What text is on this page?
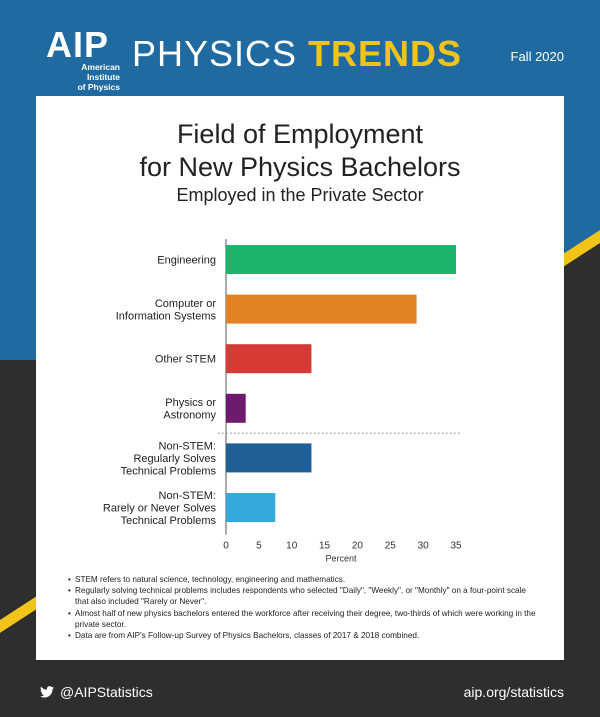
AIP
American Institute
of Physics
PHYSICS TRENDS	Fall 2020
Field of Employment
for New Physics Bachelors
Employed in the Private Sector
Engineering
Computer or Information Systems
Other STEM
Physics or Astronomy
Non-STEM: Regularly Solves Technical Problems
Non-STEM: Rarely or Never Solves Technical Problems
0	5 10 15 20 25 30 35
Percent
• STEM refers to natural science, technology, engineering and mathematics.
• Regularly solving technical problems includes respondents who selected "Daily", "Weekly", or "Monthly" on a four-point scale that also included "Rarely or Never".
• Almost half of new physics bachelors entered the workforce after receiving their degree, two-thirds of which were working in the private sector.
• Data are from AIP's Follow-up Survey of Physics Bachelors, classes of 2017 & 2018 combined.
@AIPStatistics	aip.org/statistics
